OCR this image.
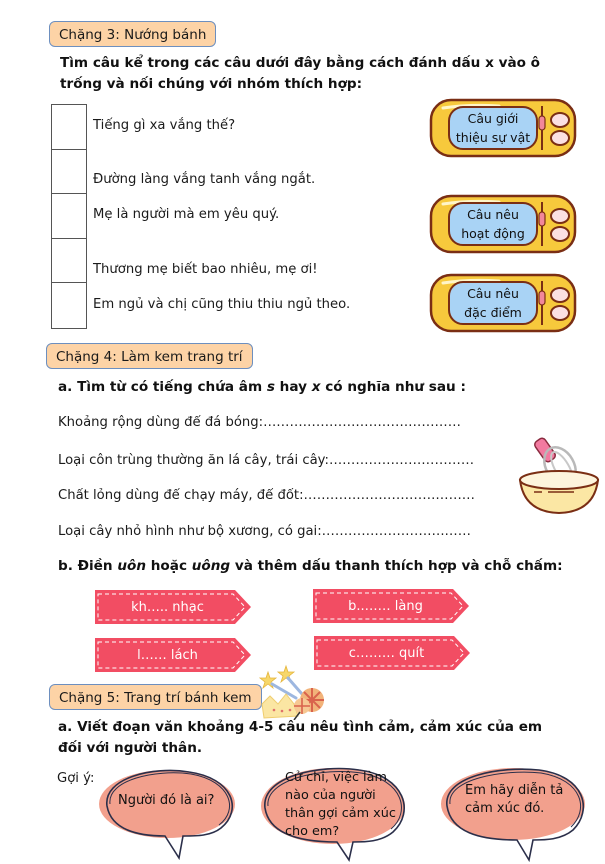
Chặng 3: Nướng bánh
Tìm câu kể trong các câu dưới đây bằng cách đánh dấu x vào ô trống và nối chúng với nhóm thích hợp:
Tiếng gì xa vắng thế?
Đường làng vắng tanh vắng ngắt.
Mẹ là người mà em yêu quý.
Thương mẹ biết bao nhiêu, mẹ ơi!
Em ngủ và chị cũng thiu thiu ngủ theo.
Câu giới
thiệu sự vật
Câu nêu
hoạt động
Câu nêu
đặc điểm
Chặng 4: Làm kem trang trí
a. Tìm từ có tiếng chứa âm s hay x có nghĩa như sau :
Khoảng rộng dùng để đá bóng:………………………………………
Loại côn trùng thường ăn lá cây, trái cây:……………………………
Chất lỏng dùng để chạy máy, để đốt:…………………………………
Loại cây nhỏ hình như bộ xương, có gai:……………………….……
b. Điền uôn hoặc uông và thêm dấu thanh thích hợp và chỗ chấm:
kh….. nhạc	b..…… làng
l…… lách	c……… quít
Chặng 5: Trang trí bánh kem
a. Viết đoạn văn khoảng 4-5 câu nêu tình cảm, cảm xúc của em đối với người thân.
Gợi ý:
Người đó là ai?
Cử chỉ, việc làm
nào của người
thân gợi cảm xúc
cho em?
Em hãy diễn tả
cảm xúc đó.
